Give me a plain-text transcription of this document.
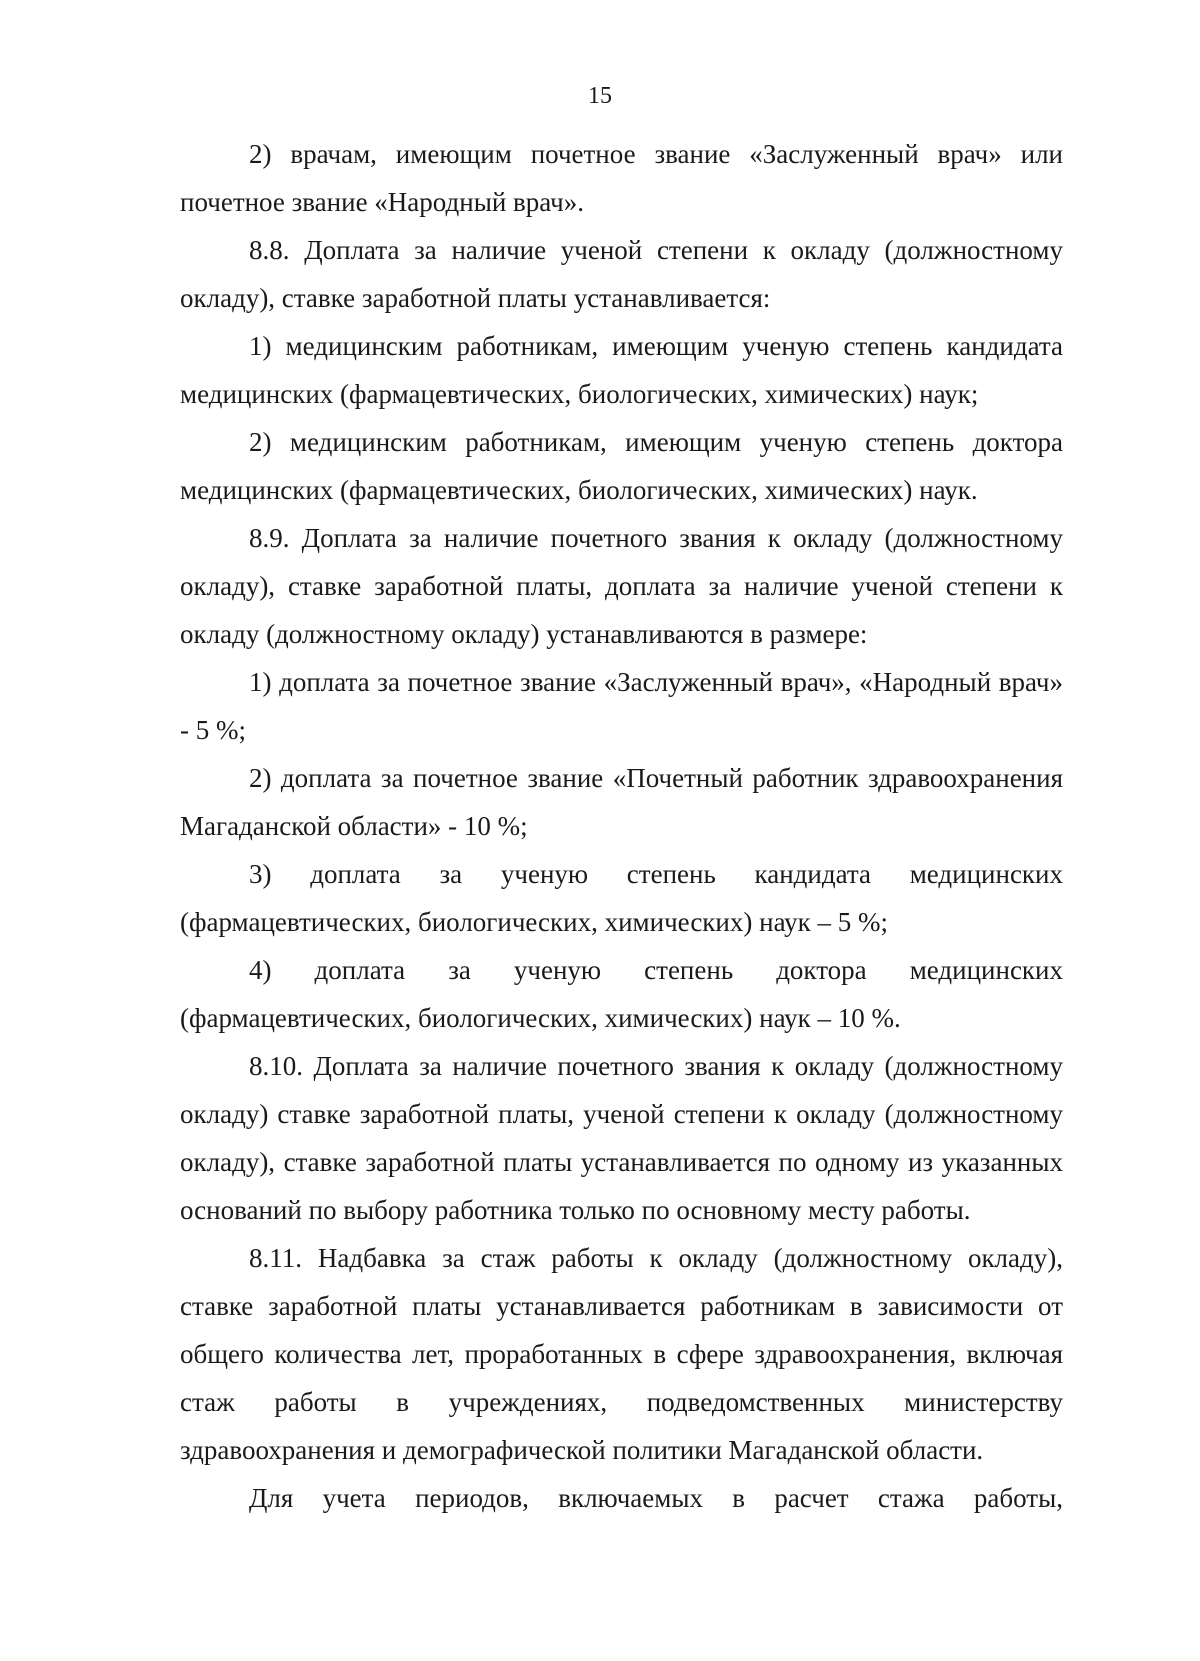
15

2) врачам, имеющим почетное звание «Заслуженный врач» или почетное звание «Народный врач».

8.8. Доплата за наличие ученой степени к окладу (должностному окладу), ставке заработной платы устанавливается:

1) медицинским работникам, имеющим ученую степень кандидата медицинских (фармацевтических, биологических, химических) наук;

2) медицинским работникам, имеющим ученую степень доктора медицинских (фармацевтических, биологических, химических) наук.

8.9. Доплата за наличие почетного звания к окладу (должностному окладу), ставке заработной платы, доплата за наличие ученой степени к окладу (должностному окладу) устанавливаются в размере:

1) доплата за почетное звание «Заслуженный врач», «Народный врач» - 5 %;

2) доплата за почетное звание «Почетный работник здравоохранения Магаданской области» - 10 %;

3) доплата за ученую степень кандидата медицинских (фармацевтических, биологических, химических) наук – 5 %;

4) доплата за ученую степень доктора медицинских (фармацевтических, биологических, химических) наук – 10 %.

8.10. Доплата за наличие почетного звания к окладу (должностному окладу) ставке заработной платы, ученой степени к окладу (должностному окладу), ставке заработной платы устанавливается по одному из указанных оснований по выбору работника только по основному месту работы.

8.11. Надбавка за стаж работы к окладу (должностному окладу), ставке заработной платы устанавливается работникам в зависимости от общего количества лет, проработанных в сфере здравоохранения, включая стаж работы в учреждениях, подведомственных министерству здравоохранения и демографической политики Магаданской области.

Для учета периодов, включаемых в расчет стажа работы,
